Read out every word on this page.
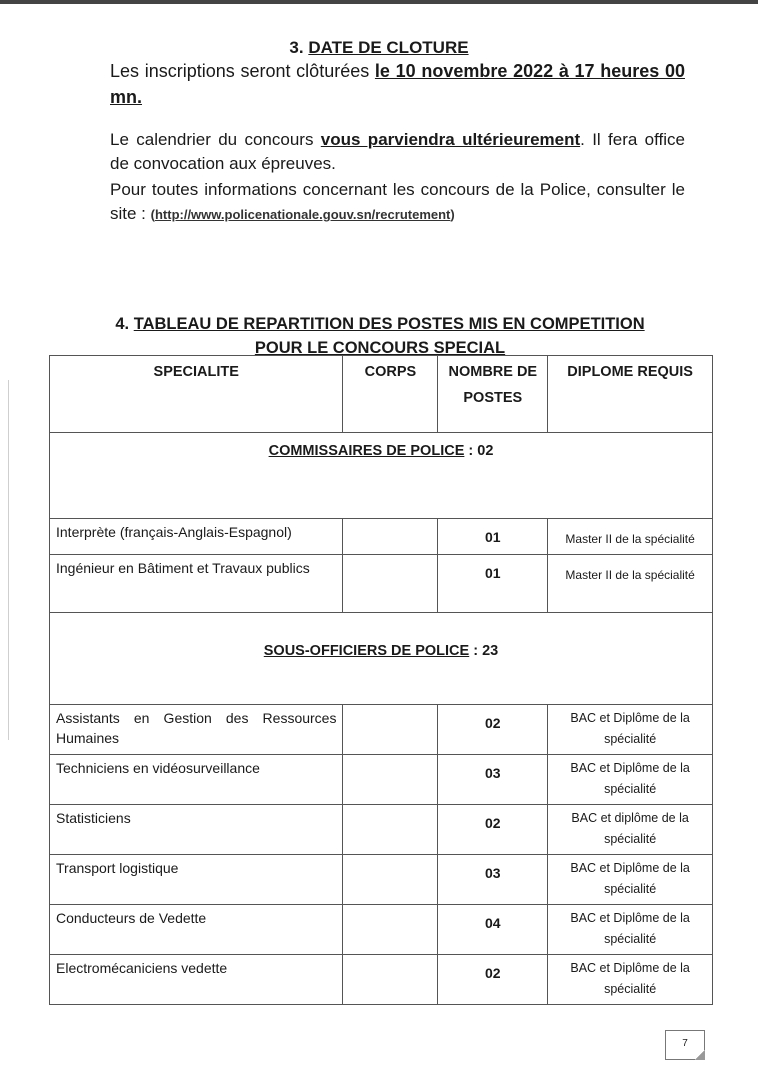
3. DATE DE CLOTURE
Les inscriptions seront clôturées le 10 novembre 2022 à 17 heures 00 mn.
Le calendrier du concours vous parviendra ultérieurement. Il fera office de convocation aux épreuves.
Pour toutes informations concernant les concours de la Police, consulter le site : (http://www.policenationale.gouv.sn/recrutement)
4. TABLEAU DE REPARTITION DES POSTES MIS EN COMPETITION
POUR LE CONCOURS SPECIAL
SPECIALITE	CORPS	NOMBRE DE POSTES	DIPLOME REQUIS
COMMISSAIRES DE POLICE : 02			
Interprète (français-Anglais-Espagnol)		01	Master II de la spécialité
Ingénieur en Bâtiment et Travaux publics		01	Master II de la spécialité
SOUS-OFFICIERS DE POLICE : 23			
Assistants en Gestion des Ressources Humaines		02	BAC et Diplôme de la spécialité
Techniciens en vidéosurveillance		03	BAC et Diplôme de la spécialité
Statisticiens		02	BAC et diplôme de la spécialité
Transport logistique		03	BAC et Diplôme de la spécialité
Conducteurs de Vedette		04	BAC et Diplôme de la spécialité
Electromécaniciens vedette		02	BAC et Diplôme de la spécialité
7
